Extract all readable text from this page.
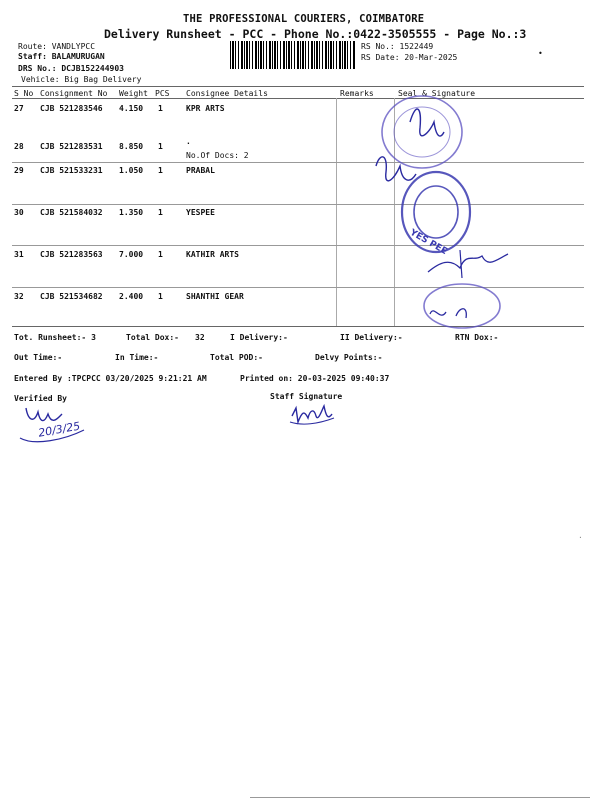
THE PROFESSIONAL COURIERS, COIMBATORE
Delivery Runsheet - PCC - Phone No.:0422-3505555 - Page No.:3
Route: VANDLYPCC
Staff: BALAMURUGAN
DRS No.: DCJB152244903
Vehicle: Big Bag Delivery
RS No.: 1522449
RS Date: 20-Mar-2025	•
S No Consignment No Weight PCS Consignee Details	Remarks	Seal & Signature
27 CJB 521283546 4.150 1	KPR ARTS
28 CJB 521283531 8.850 1
.
No.Of Docs: 2
29 CJB 521533231 1.050 1	PRABAL
30 CJB 521584032 1.350 1	YESPEE
31 CJB 521283563 7.000 1	KATHIR ARTS
32 CJB 521534682 2.400 1	SHANTHI GEAR
Tot. Runsheet:- 3	Total Dox:- 32	I Delivery:-	II Delivery:-	RTN Dox:-
Out Time:-	In Time:-	Total POD:-	Delvy Points:-
Entered By :TPCPCC 03/20/2025 9:21:21 AM	Printed on: 20-03-2025 09:40:37
Verified By	Staff Signature
20/3/25
YES PEE
·
